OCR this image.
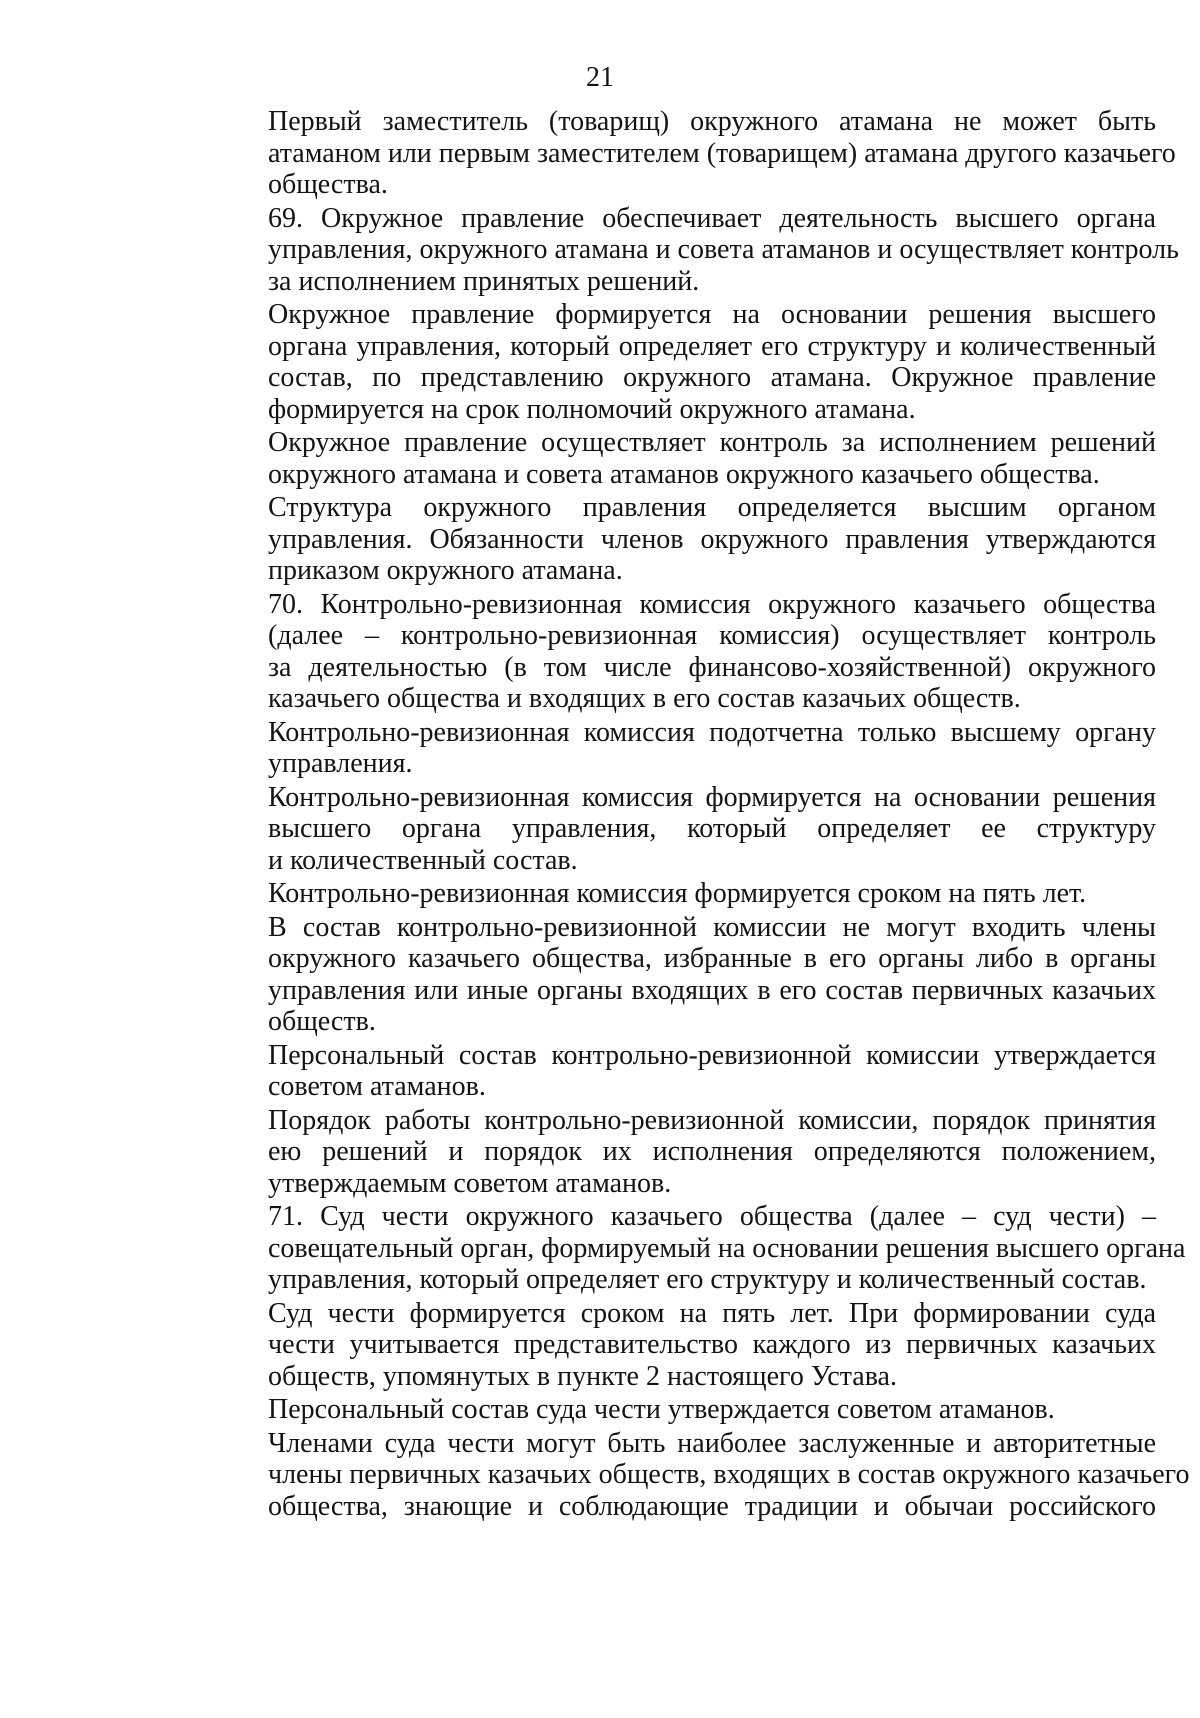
21

Первый заместитель (товарищ) окружного атамана не может быть
атаманом или первым заместителем (товарищем) атамана другого казачьего
общества.

69. Окружное правление обеспечивает деятельность высшего органа
управления, окружного атамана и совета атаманов и осуществляет контроль
за исполнением принятых решений.

Окружное правление формируется на основании решения высшего
органа управления, который определяет его структуру и количественный
состав, по представлению окружного атамана. Окружное правление
формируется на срок полномочий окружного атамана.

Окружное правление осуществляет контроль за исполнением решений
окружного атамана и совета атаманов окружного казачьего общества.

Структура окружного правления определяется высшим органом
управления. Обязанности членов окружного правления утверждаются
приказом окружного атамана.

70. Контрольно-ревизионная комиссия окружного казачьего общества
(далее – контрольно-ревизионная комиссия) осуществляет контроль
за деятельностью (в том числе финансово-хозяйственной) окружного
казачьего общества и входящих в его состав казачьих обществ.

Контрольно-ревизионная комиссия подотчетна только высшему органу
управления.

Контрольно-ревизионная комиссия формируется на основании решения
высшего органа управления, который определяет ее структуру
и количественный состав.

Контрольно-ревизионная комиссия формируется сроком на пять лет.

В состав контрольно-ревизионной комиссии не могут входить члены
окружного казачьего общества, избранные в его органы либо в органы
управления или иные органы входящих в его состав первичных казачьих
обществ.

Персональный состав контрольно-ревизионной комиссии утверждается
советом атаманов.

Порядок работы контрольно-ревизионной комиссии, порядок принятия
ею решений и порядок их исполнения определяются положением,
утверждаемым советом атаманов.

71. Суд чести окружного казачьего общества (далее – суд чести) –
совещательный орган, формируемый на основании решения высшего органа
управления, который определяет его структуру и количественный состав.

Суд чести формируется сроком на пять лет. При формировании суда
чести учитывается представительство каждого из первичных казачьих
обществ, упомянутых в пункте 2 настоящего Устава.

Персональный состав суда чести утверждается советом атаманов.

Членами суда чести могут быть наиболее заслуженные и авторитетные
члены первичных казачьих обществ, входящих в состав окружного казачьего
общества, знающие и соблюдающие традиции и обычаи российского
